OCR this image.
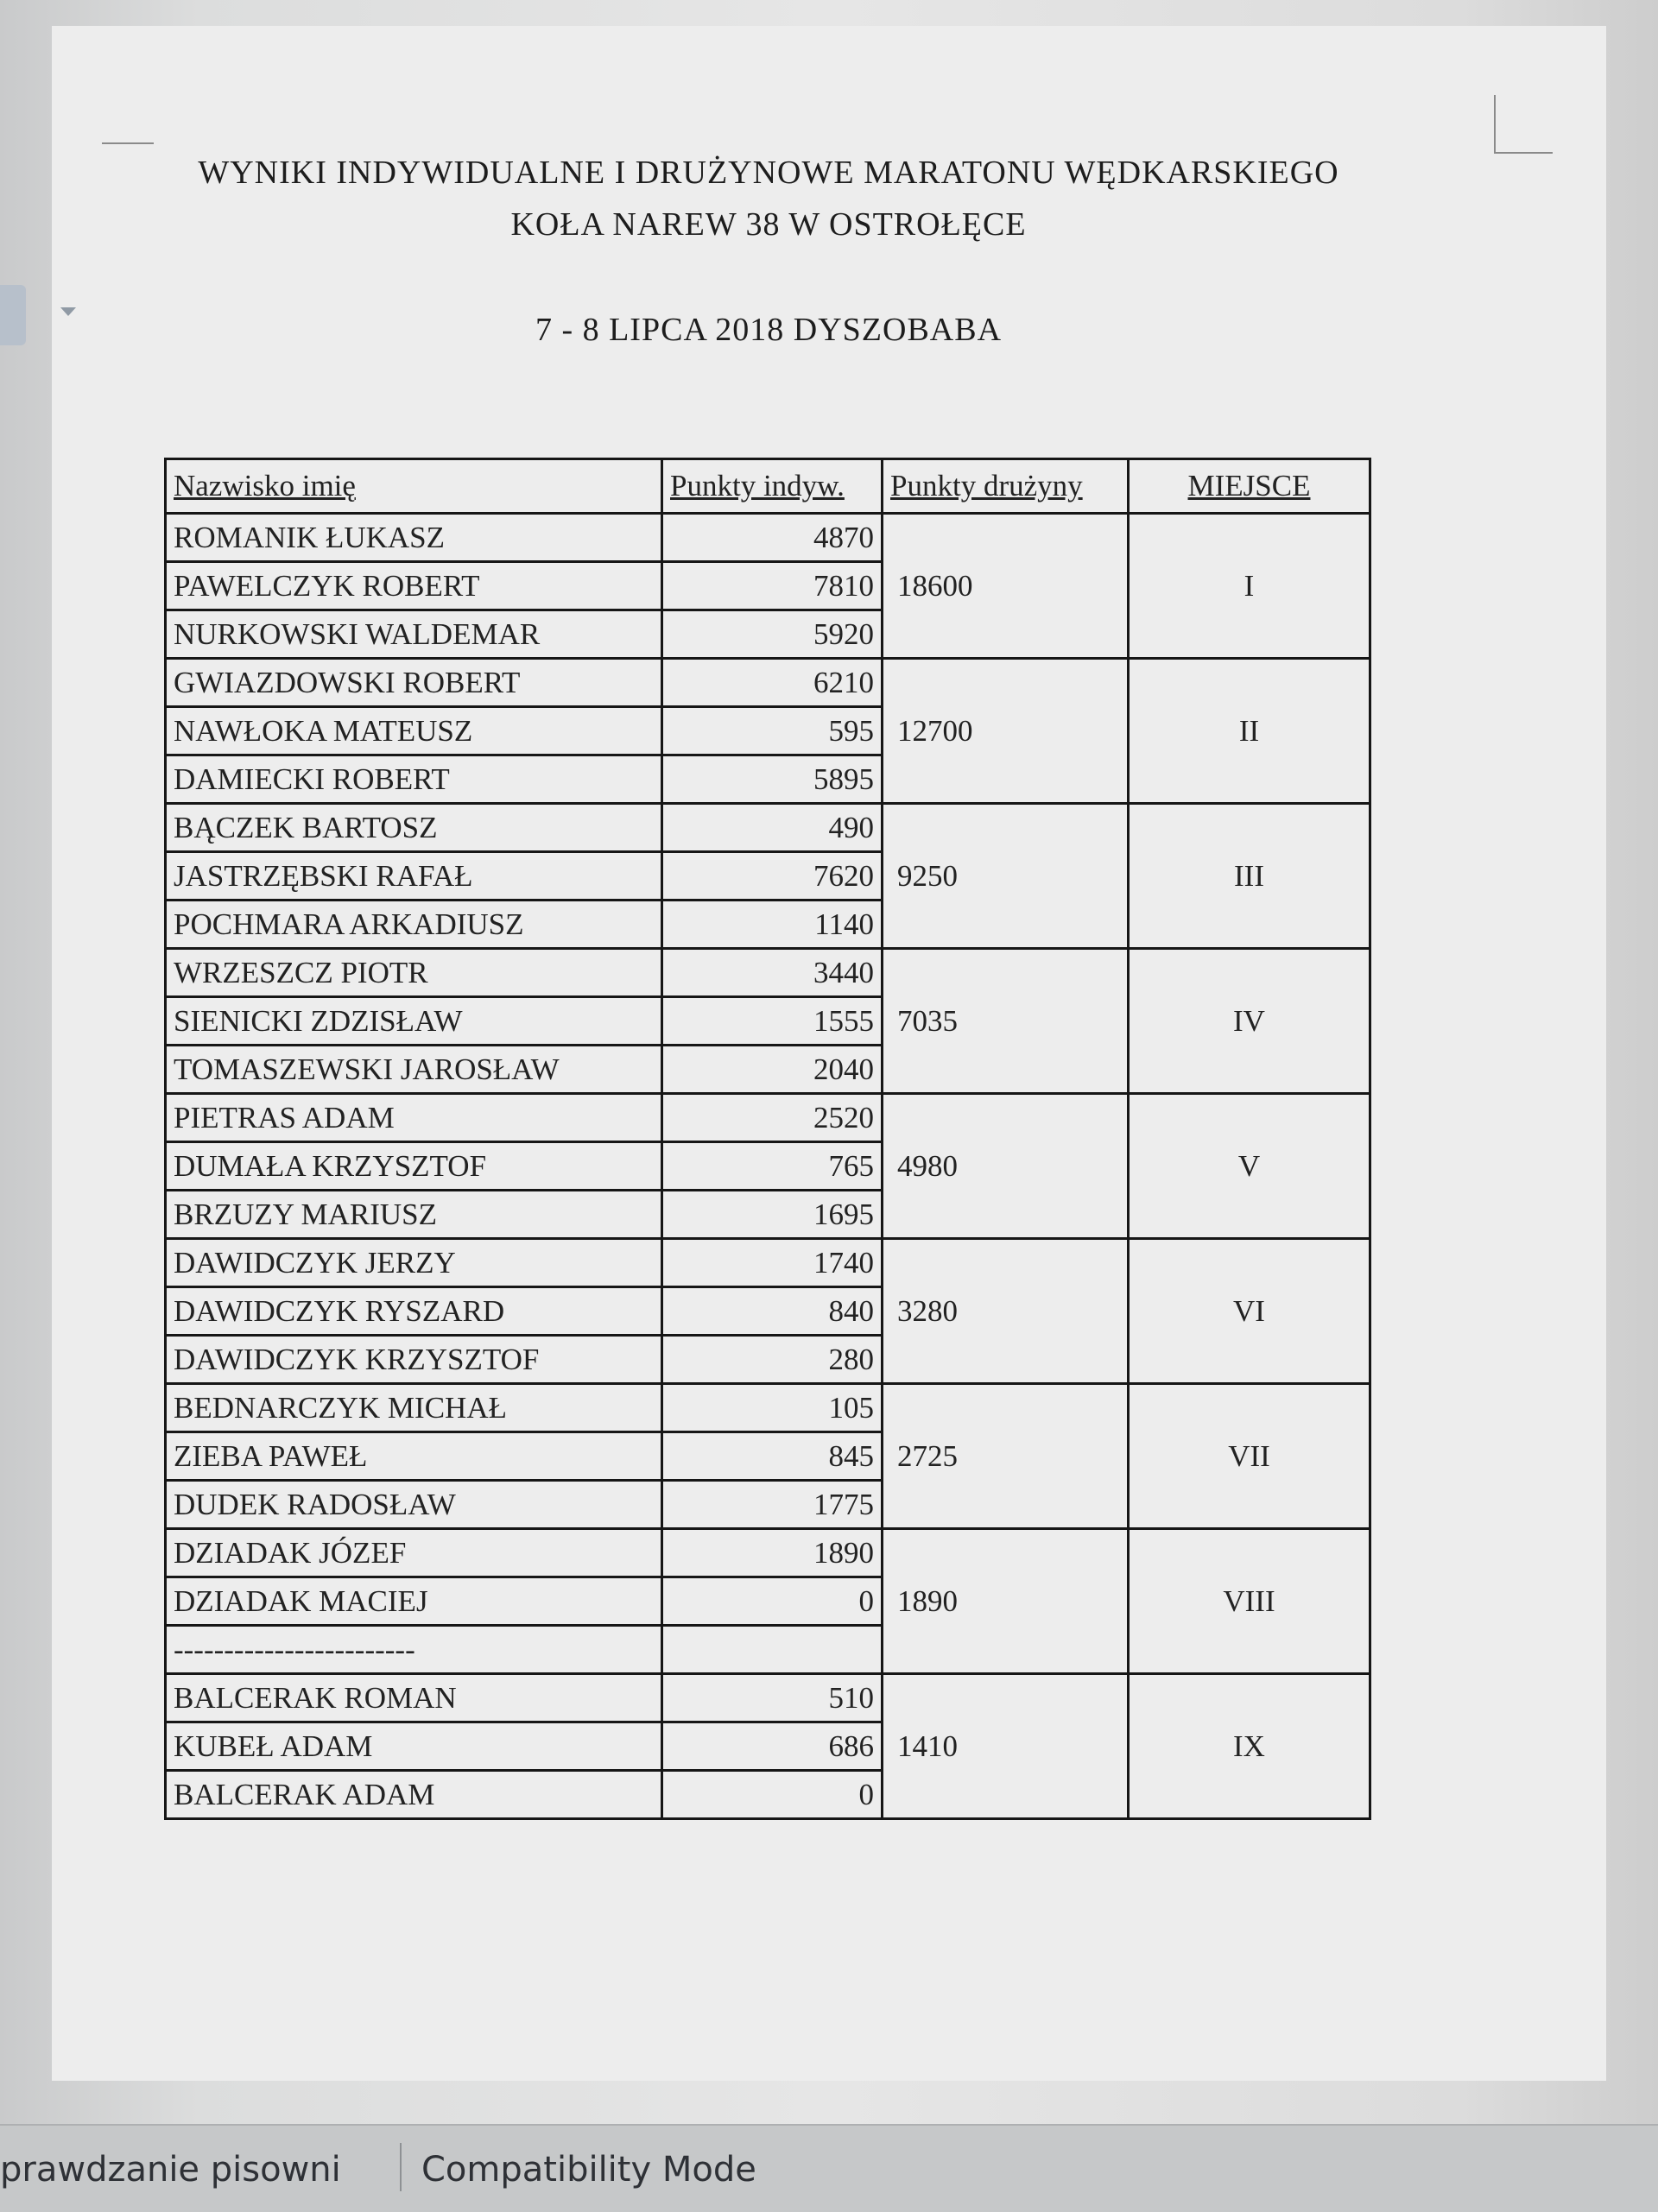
WYNIKI INDYWIDUALNE I DRUŻYNOWE MARATONU WĘDKARSKIEGO
KOŁA NAREW 38 W OSTROŁĘCE
7 - 8 LIPCA 2018 DYSZOBABA
Nazwisko imię	Punkty indyw.	Punkty drużyny	MIEJSCE
ROMANIK ŁUKASZ	4870	18600	I
PAWELCZYK ROBERT	7810		
NURKOWSKI WALDEMAR	5920		
GWIAZDOWSKI ROBERT	6210	12700	II
NAWŁOKA MATEUSZ	595		
DAMIECKI ROBERT	5895		
BĄCZEK BARTOSZ	490	9250	III
JASTRZĘBSKI RAFAŁ	7620		
POCHMARA ARKADIUSZ	1140		
WRZESZCZ PIOTR	3440	7035	IV
SIENICKI ZDZISŁAW	1555		
TOMASZEWSKI JAROSŁAW	2040		
PIETRAS ADAM	2520	4980	V
DUMAŁA KRZYSZTOF	765		
BRZUZY MARIUSZ	1695		
DAWIDCZYK JERZY	1740	3280	VI
DAWIDCZYK RYSZARD	840		
DAWIDCZYK KRZYSZTOF	280		
BEDNARCZYK MICHAŁ	105	2725	VII
ZIEBA PAWEŁ	845		
DUDEK RADOSŁAW	1775		
DZIADAK JÓZEF	1890	1890	VIII
DZIADAK MACIEJ	0		
------------------------			
BALCERAK ROMAN	510	1410	IX
KUBEŁ ADAM	686		
BALCERAK ADAM	0		
prawdzanie pisowni Compatibility Mode
